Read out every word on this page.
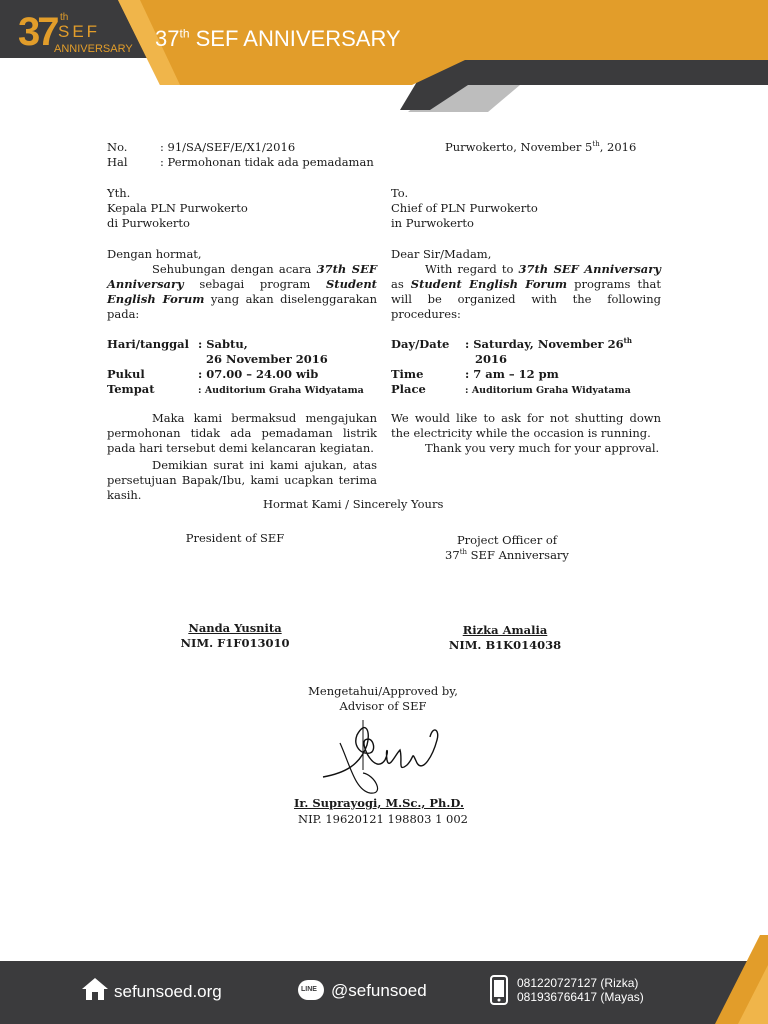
37 th
SEF
ANNIVERSARY 37th SEF ANNIVERSARY
No.	: 91/SA/SEF/E/X1/2016
Hal	: Permohonan tidak ada pemadaman
Purwokerto, November 5th, 2016
Yth.
Kepala PLN Purwokerto
di Purwokerto
Dengan hormat,
Sehubungan dengan acara 37th SEF Anniversary sebagai program Student English Forum yang akan diselenggarakan pada:
Hari/tanggal : Sabtu,
26 November 2016
Pukul	: 07.00 – 24.00 wib
Tempat	: Auditorium Graha Widyatama
Maka kami bermaksud mengajukan permohonan tidak ada pemadaman listrik pada hari tersebut demi kelancaran kegiatan.
Demikian surat ini kami ajukan, atas persetujuan Bapak/Ibu, kami ucapkan terima kasih.
To.
Chief of PLN Purwokerto
in Purwokerto
Dear Sir/Madam,
With regard to 37th SEF Anniversary as Student English Forum programs that will be organized with the following procedures:
Day/Date : Saturday, November 26th
2016
Time	: 7 am – 12 pm
Place	: Auditorium Graha Widyatama
We would like to ask for not shutting down the electricity while the occasion is running.
Thank you very much for your approval.
Hormat Kami / Sincerely Yours
President of SEF	Project Officer of
37th SEF Anniversary
Nanda Yusnita
NIM. F1F013010
Rizka Amalia
NIM. B1K014038
Mengetahui/Approved by,
Advisor of SEF
Ir. Suprayogi, M.Sc., Ph.D.
NIP. 19620121 198803 1 002
sefunsoed.org	LINE @sefunsoed	081220727127 (Rizka)
081936766417 (Mayas)
